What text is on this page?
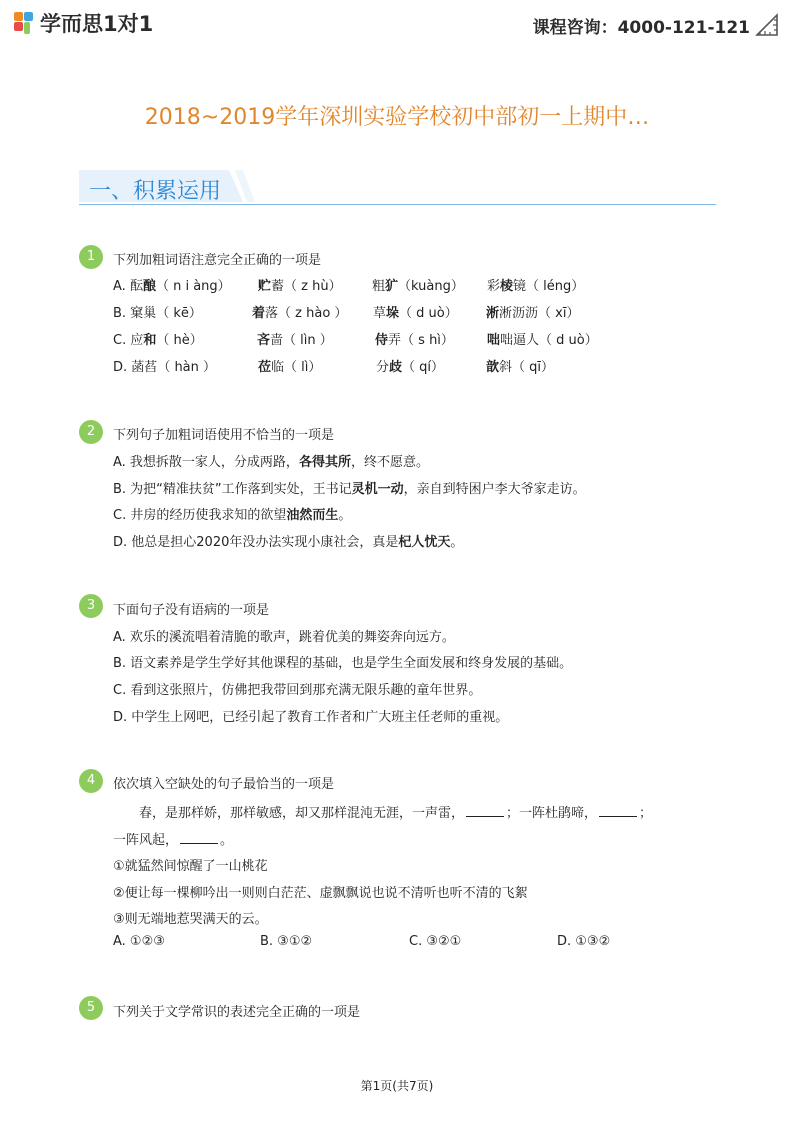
学而思1对1	课程咨询：4000-121-121
2018~2019学年深圳实验学校初中部初一上期中…
一、积累运用
1	下列加粗词语注意完全正确的一项是
A. 酝酿（ n i àng） 贮蓄（ z hù） 粗犷（kuàng） 彩棱镜（ léng）
B. 窠巢（ kē）	着落（ z hào ） 草垛（ d uò） 淅淅沥沥（ xī）
C. 应和（ hè）	吝啬（ lìn ）	侍弄（ s hì）	咄咄逼人（ d uò）
D. 菡萏（ hàn ）	莅临（ lì）	分歧（ qí）	歆斜（ qī）
2	下列句子加粗词语使用不恰当的一项是
A. 我想拆散一家人，分成两路，各得其所，终不愿意。
B. 为把“精准扶贫”工作落到实处，王书记灵机一动，亲自到特困户李大爷家走访。
C. 井房的经历使我求知的欲望油然而生。
D. 他总是担心2020年没办法实现小康社会，真是杞人忧天。
3	下面句子没有语病的一项是
A. 欢乐的溪流唱着清脆的歌声，跳着优美的舞姿奔向远方。
B. 语文素养是学生学好其他课程的基础，也是学生全面发展和终身发展的基础。
C. 看到这张照片，仿佛把我带回到那充满无限乐趣的童年世界。
D. 中学生上网吧，已经引起了教育工作者和广大班主任老师的重视。
4	依次填入空缺处的句子最恰当的一项是
春，是那样娇，那样敏感，却又那样混沌无涯，一声雷，	；一阵杜鹃啼，	；
一阵风起，	。
①就猛然间惊醒了一山桃花
②便让每一棵柳吟出一则则白茫茫、虚飘飘说也说不清听也听不清的飞絮
③则无端地惹哭满天的云。
A. ①②③	B. ③①②	C. ③②①	D. ①③②
5	下列关于文学常识的表述完全正确的一项是
第1页(共7页)
